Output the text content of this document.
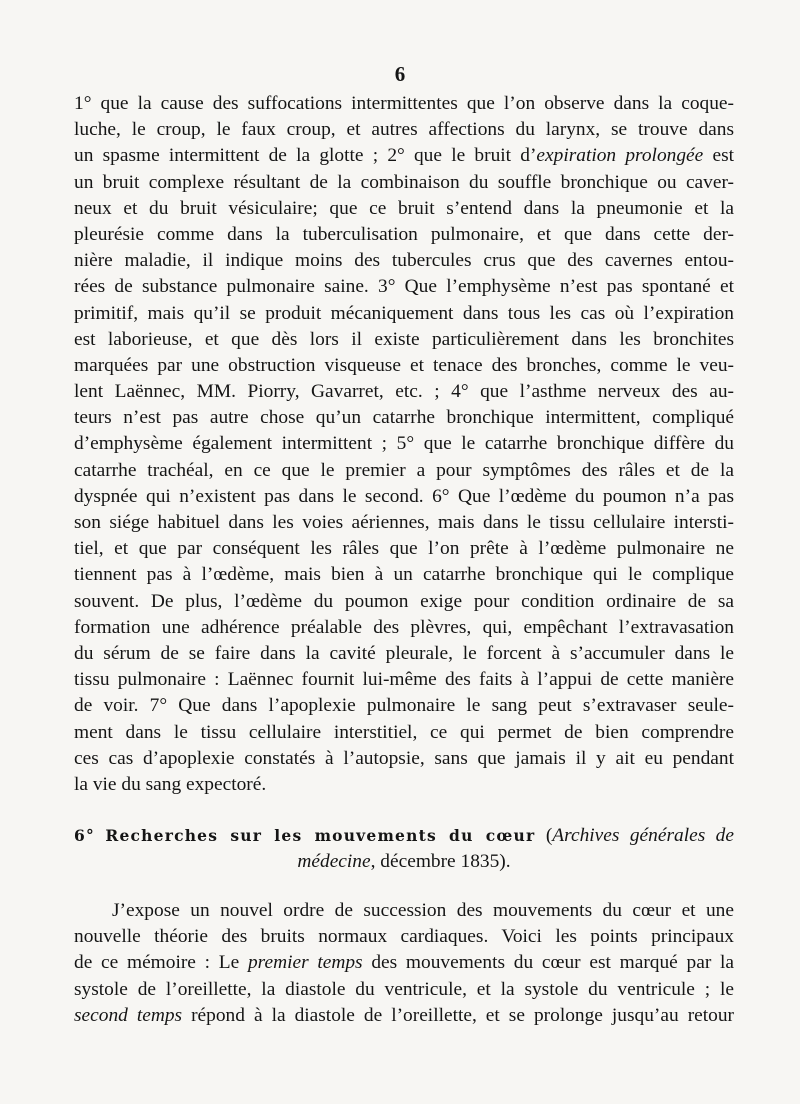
6
1° que la cause des suffocations intermittentes que l’on observe dans la coque-
luche, le croup, le faux croup, et autres affections du larynx, se trouve dans
un spasme intermittent de la glotte ; 2° que le bruit d’expiration prolongée est
un bruit complexe résultant de la combinaison du souffle bronchique ou caver-
neux et du bruit vésiculaire; que ce bruit s’entend dans la pneumonie et la
pleurésie comme dans la tuberculisation pulmonaire, et que dans cette der-
nière maladie, il indique moins des tubercules crus que des cavernes entou-
rées de substance pulmonaire saine. 3° Que l’emphysème n’est pas spontané et
primitif, mais qu’il se produit mécaniquement dans tous les cas où l’expiration
est laborieuse, et que dès lors il existe particulièrement dans les bronchites
marquées par une obstruction visqueuse et tenace des bronches, comme le veu-
lent Laënnec, MM. Piorry, Gavarret, etc. ; 4° que l’asthme nerveux des au-
teurs n’est pas autre chose qu’un catarrhe bronchique intermittent, compliqué
d’emphysème également intermittent ; 5° que le catarrhe bronchique diffère du
catarrhe trachéal, en ce que le premier a pour symptômes des râles et de la
dyspnée qui n’existent pas dans le second. 6° Que l’œdème du poumon n’a pas
son siége habituel dans les voies aériennes, mais dans le tissu cellulaire intersti-
tiel, et que par conséquent les râles que l’on prête à l’œdème pulmonaire ne
tiennent pas à l’œdème, mais bien à un catarrhe bronchique qui le complique
souvent. De plus, l’œdème du poumon exige pour condition ordinaire de sa
formation une adhérence préalable des plèvres, qui, empêchant l’extravasation
du sérum de se faire dans la cavité pleurale, le forcent à s’accumuler dans le
tissu pulmonaire : Laënnec fournit lui-même des faits à l’appui de cette manière
de voir. 7° Que dans l’apoplexie pulmonaire le sang peut s’extravaser seule-
ment dans le tissu cellulaire interstitiel, ce qui permet de bien comprendre
ces cas d’apoplexie constatés à l’autopsie, sans que jamais il y ait eu pendant
la vie du sang expectoré.
6° Recherches sur les mouvements du cœur (Archives générales de
médecine, décembre 1835).
J’expose un nouvel ordre de succession des mouvements du cœur et une
nouvelle théorie des bruits normaux cardiaques. Voici les points principaux
de ce mémoire : Le premier temps des mouvements du cœur est marqué par la
systole de l’oreillette, la diastole du ventricule, et la systole du ventricule ; le
second temps répond à la diastole de l’oreillette, et se prolonge jusqu’au retour
